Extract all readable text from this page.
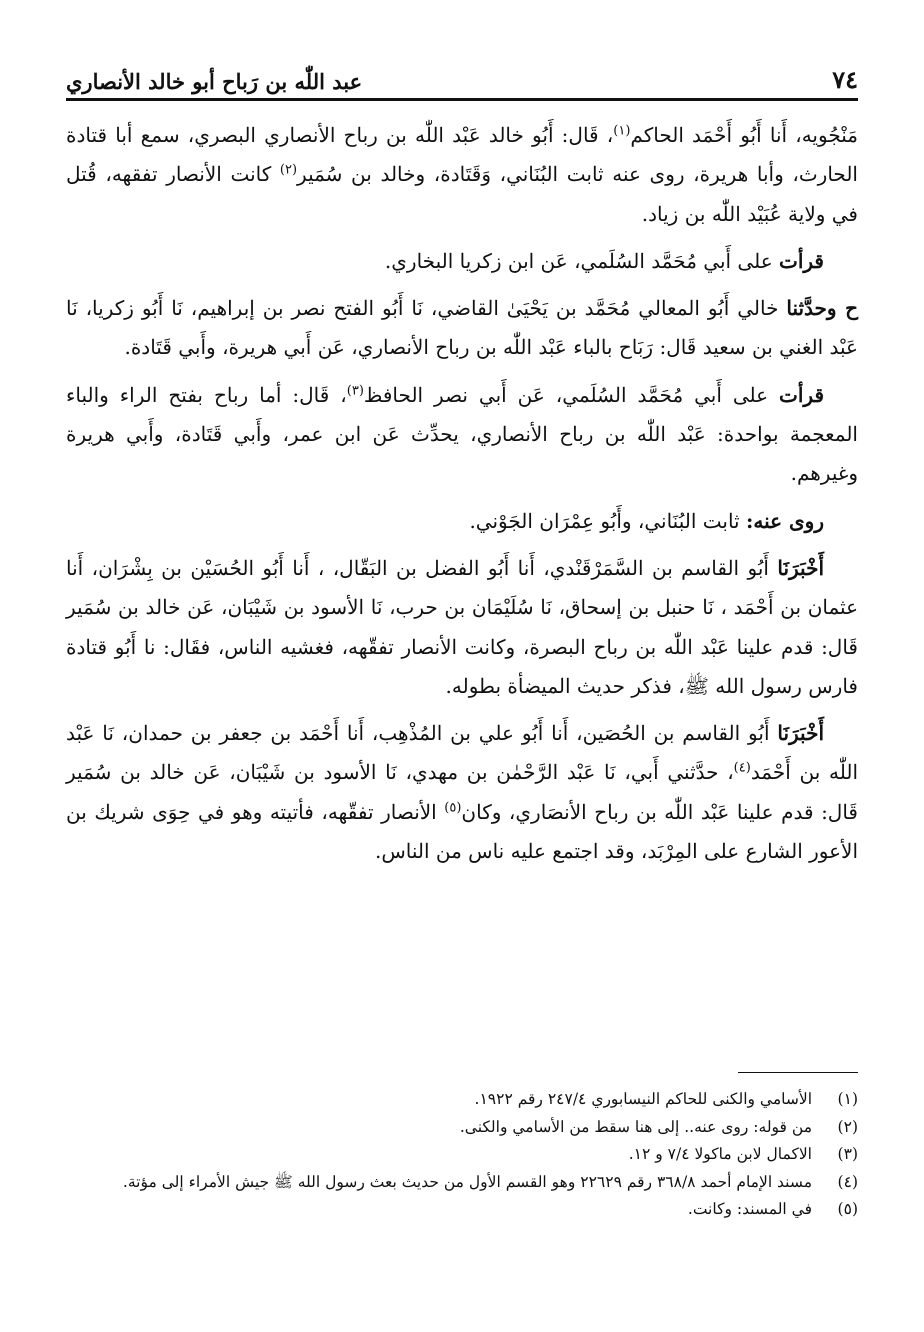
٧٤
عبد اللّٰه بن رَباح أبو خالد الأنصاري

مَنْجُويه، أَنا أَبُو أَحْمَد الحاكم$^{(١)}$، قَال: أَبُو خالد عَبْد اللّٰه بن رباح الأنصاري البصري، سمع أبا قتادة الحارث، وأبا هريرة، روى عنه ثابت البُنَاني، وَقَتَادة، وخالد بن سُمَير$^{(٢)}$ كانت الأنصار تفقهه، قُتل في ولاية عُبَيْد اللّٰه بن زياد.

قرأت على أَبي مُحَمَّد السُلَمي، عَن ابن زكريا البخاري.

ح وحدَّثنا خالي أَبُو المعالي مُحَمَّد بن يَحْيَىٰ القاضي، نَا أَبُو الفتح نصر بن إبراهيم، نَا أَبُو زكريا، نَا عَبْد الغني بن سعيد قَال: رَبَاح بالباء عَبْد اللّٰه بن رباح الأنصاري، عَن أَبي هريرة، وأَبي قَتَادة.

قرأت على أَبي مُحَمَّد السُلَمي، عَن أَبي نصر الحافظ$^{(٣)}$، قَال: أما رباح بفتح الراء والباء المعجمة بواحدة: عَبْد اللّٰه بن رباح الأنصاري، يحدِّث عَن ابن عمر، وأَبي قَتَادة، وأَبي هريرة وغيرهم.

روى عنه: ثابت البُنَاني، وأَبُو عِمْرَان الجَوْني.

أَخْبَرَنَا أَبُو القاسم بن السَّمَرْقَنْدي، أَنا أَبُو الفضل بن البَقّال، ، أَنا أَبُو الحُسَيْن بن بِشْرَان، أَنا عثمان بن أَحْمَد ، نَا حنبل بن إسحاق، نَا سُلَيْمَان بن حرب، نَا الأسود بن شَيْبَان، عَن خالد بن سُمَير قَال: قدم علينا عَبْد اللّٰه بن رباح البصرة، وكانت الأنصار تفقّهه، فغشيه الناس، فقَال: نا أَبُو قتادة فارس رسول الله ﷺ، فذكر حديث الميضأة بطوله.

أَخْبَرَنَا أَبُو القاسم بن الحُصَين، أَنا أَبُو علي بن المُذْهِب، أَنا أَحْمَد بن جعفر بن حمدان، نَا عَبْد اللّٰه بن أَحْمَد$^{(٤)}$، حدَّثني أَبي، نَا عَبْد الرَّحْمٰن بن مهدي، نَا الأسود بن شَيْبَان، عَن خالد بن سُمَير قَال: قدم علينا عَبْد اللّٰه بن رباح الأنصَاري، وكان$^{(٥)}$ الأنصار تفقّهه، فأتيته وهو في حِوَى شريك بن الأعور الشارع على المِرْبَد، وقد اجتمع عليه ناس من الناس.

(١)
الأسامي والكنى للحاكم النيسابوري ٢٤٧/٤ رقم ١٩٢٢.
(٢)
من قوله: روى عنه.. إلى هنا سقط من الأسامي والكنى.
(٣)
الاكمال لابن ماكولا ٧/٤ و ١٢.
(٤)
مسند الإمام أحمد ٣٦٨/٨ رقم ٢٢٦٢٩ وهو القسم الأول من حديث بعث رسول الله ﷺ جيش الأمراء إلى مؤتة.
(٥)
في المسند: وكانت.
